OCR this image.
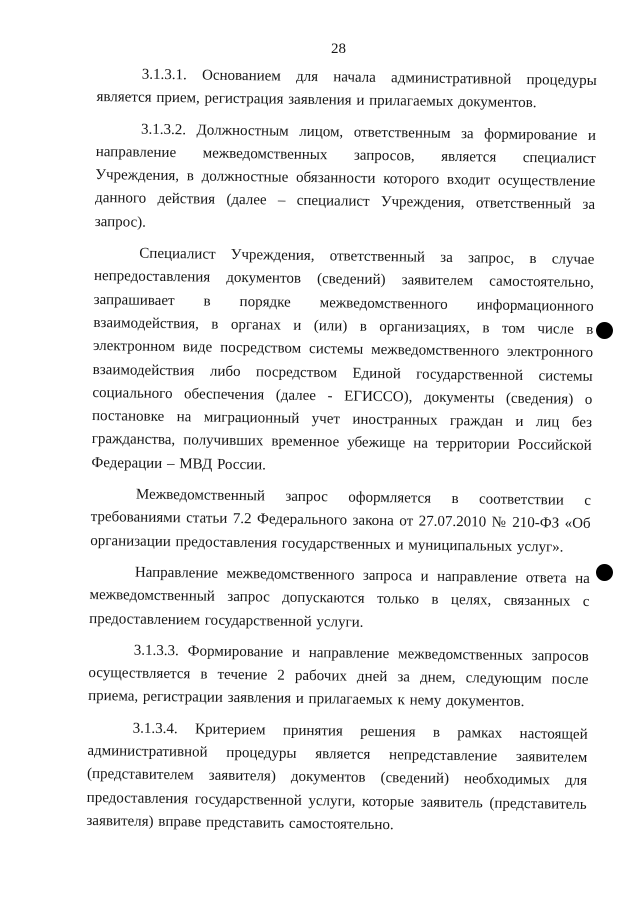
28

3.1.3.1. Основанием для начала административной процедуры является прием, регистрация заявления и прилагаемых документов.

3.1.3.2. Должностным лицом, ответственным за формирование и направление межведомственных запросов, является специалист Учреждения, в должностные обязанности которого входит осуществление данного действия (далее – специалист Учреждения, ответственный за запрос).

Специалист Учреждения, ответственный за запрос, в случае непредоставления документов (сведений) заявителем самостоятельно, запрашивает в порядке межведомственного информационного взаимодействия, в органах и (или) в организациях, в том числе в электронном виде посредством системы межведомственного электронного взаимодействия либо посредством Единой государственной системы социального обеспечения (далее - ЕГИССО), документы (сведения) о постановке на миграционный учет иностранных граждан и лиц без гражданства, получивших временное убежище на территории Российской Федерации – МВД России.

Межведомственный запрос оформляется в соответствии с требованиями статьи 7.2 Федерального закона от 27.07.2010 № 210-ФЗ «Об организации предоставления государственных и муниципальных услуг».

Направление межведомственного запроса и направление ответа на межведомственный запрос допускаются только в целях, связанных с предоставлением государственной услуги.

3.1.3.3. Формирование и направление межведомственных запросов осуществляется в течение 2 рабочих дней за днем, следующим после приема, регистрации заявления и прилагаемых к нему документов.

3.1.3.4. Критерием принятия решения в рамках настоящей административной процедуры является непредставление заявителем (представителем заявителя) документов (сведений) необходимых для предоставления государственной услуги, которые заявитель (представитель заявителя) вправе представить самостоятельно.
